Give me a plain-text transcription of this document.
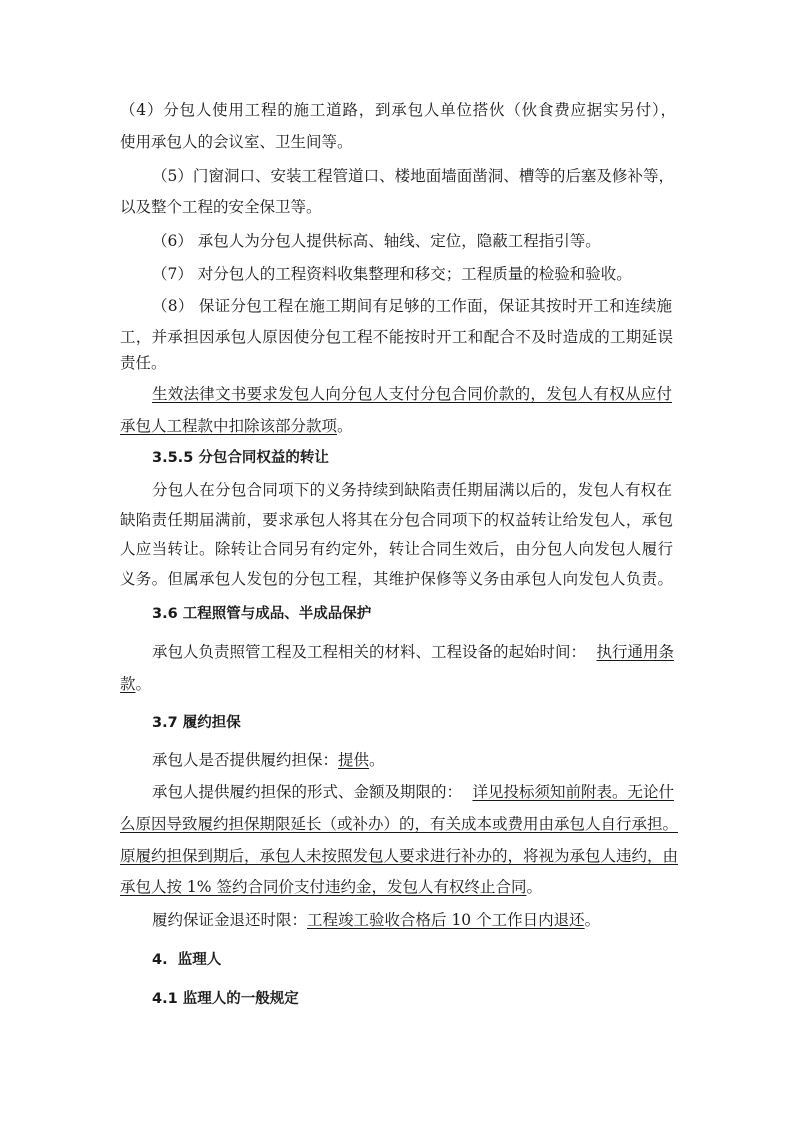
（4）分包人使用工程的施工道路，到承包人单位搭伙（伙食费应据实另付），

使用承包人的会议室、卫生间等。

（5）门窗洞口、安装工程管道口、楼地面墙面凿洞、槽等的后塞及修补等，

以及整个工程的安全保卫等。

（6） 承包人为分包人提供标高、轴线、定位，隐蔽工程指引等。

（7） 对分包人的工程资料收集整理和移交；工程质量的检验和验收。

（8） 保证分包工程在施工期间有足够的工作面，保证其按时开工和连续施

工，并承担因承包人原因使分包工程不能按时开工和配合不及时造成的工期延误

责任。

生效法律文书要求发包人向分包人支付分包合同价款的，发包人有权从应付

承包人工程款中扣除该部分款项。

3.5.5 分包合同权益的转让

分包人在分包合同项下的义务持续到缺陷责任期届满以后的，发包人有权在

缺陷责任期届满前，要求承包人将其在分包合同项下的权益转让给发包人，承包

人应当转让。除转让合同另有约定外，转让合同生效后，由分包人向发包人履行

义务。但属承包人发包的分包工程，其维护保修等义务由承包人向发包人负责。

3.6 工程照管与成品、半成品保护

承包人负责照管工程及工程相关的材料、工程设备的起始时间： 执行通用条

款。

3.7 履约担保

承包人是否提供履约担保：提供。

承包人提供履约担保的形式、金额及期限的： 详见投标须知前附表。无论什

么原因导致履约担保期限延长（或补办）的，有关成本或费用由承包人自行承担。

原履约担保到期后，承包人未按照发包人要求进行补办的，将视为承包人违约，由

承包人按 1% 签约合同价支付违约金，发包人有权终止合同。

履约保证金退还时限：工程竣工验收合格后 10 个工作日内退还。

4.  监理人

4.1 监理人的一般规定
